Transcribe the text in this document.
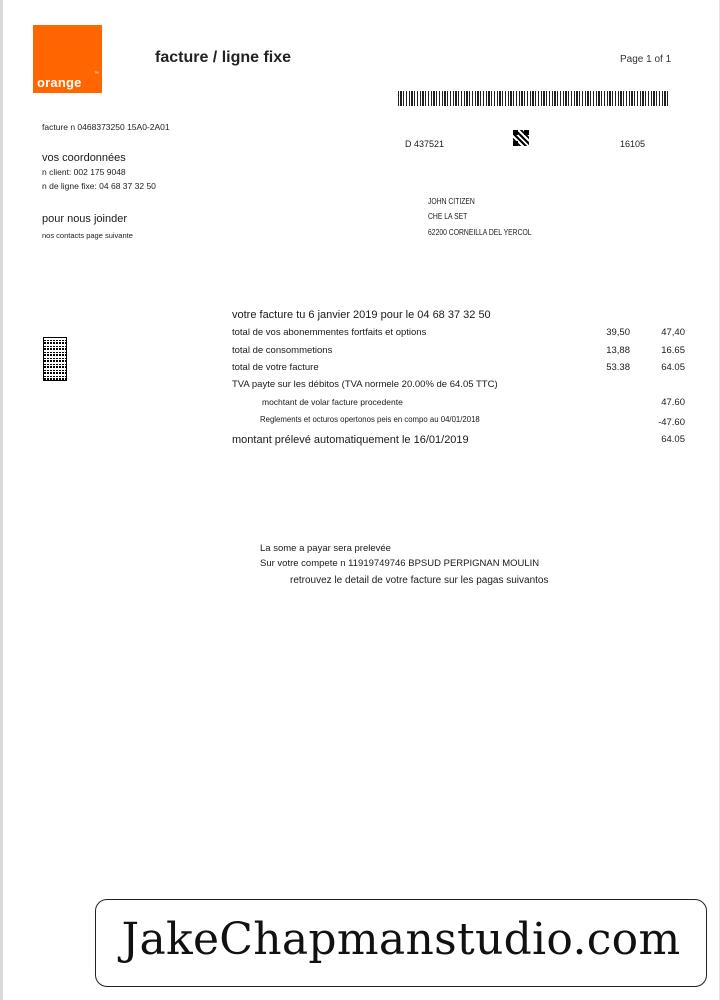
™
orange
facture / ligne fixe	Page 1 of 1
facture n 0468373250 15A0-2A01
D 437521	16105
vos coordonnées
n client: 002 175 9048
n de ligne fixe: 04 68 37 32 50
pour nous joinder
nos contacts page suivante
JOHN CITIZEN
CHE LA SET
62200 CORNEILLA DEL YERCOL
votre facture tu 6 janvier 2019 pour le 04 68 37 32 50
total de vos abonemmentes fortfaits et options	39,50	47,40
total de consommetions	13,88	16.65
total de votre facture	53.38	64.05
TVA payte sur les débitos (TVA normele 20.00% de 64.05 TTC)
mochtant de volar facture procedente	47.60
Reglements et octuros opertonos peis en compo au 04/01/2018	-47.60
montant prélevé automatiquement le 16/01/2019	64.05
La some a payar sera prelevée
Sur votre compete n 11919749746 BPSUD PERPIGNAN MOULIN
retrouvez le detail de votre facture sur les pagas suivantos
JakeChapmanstudio.com
